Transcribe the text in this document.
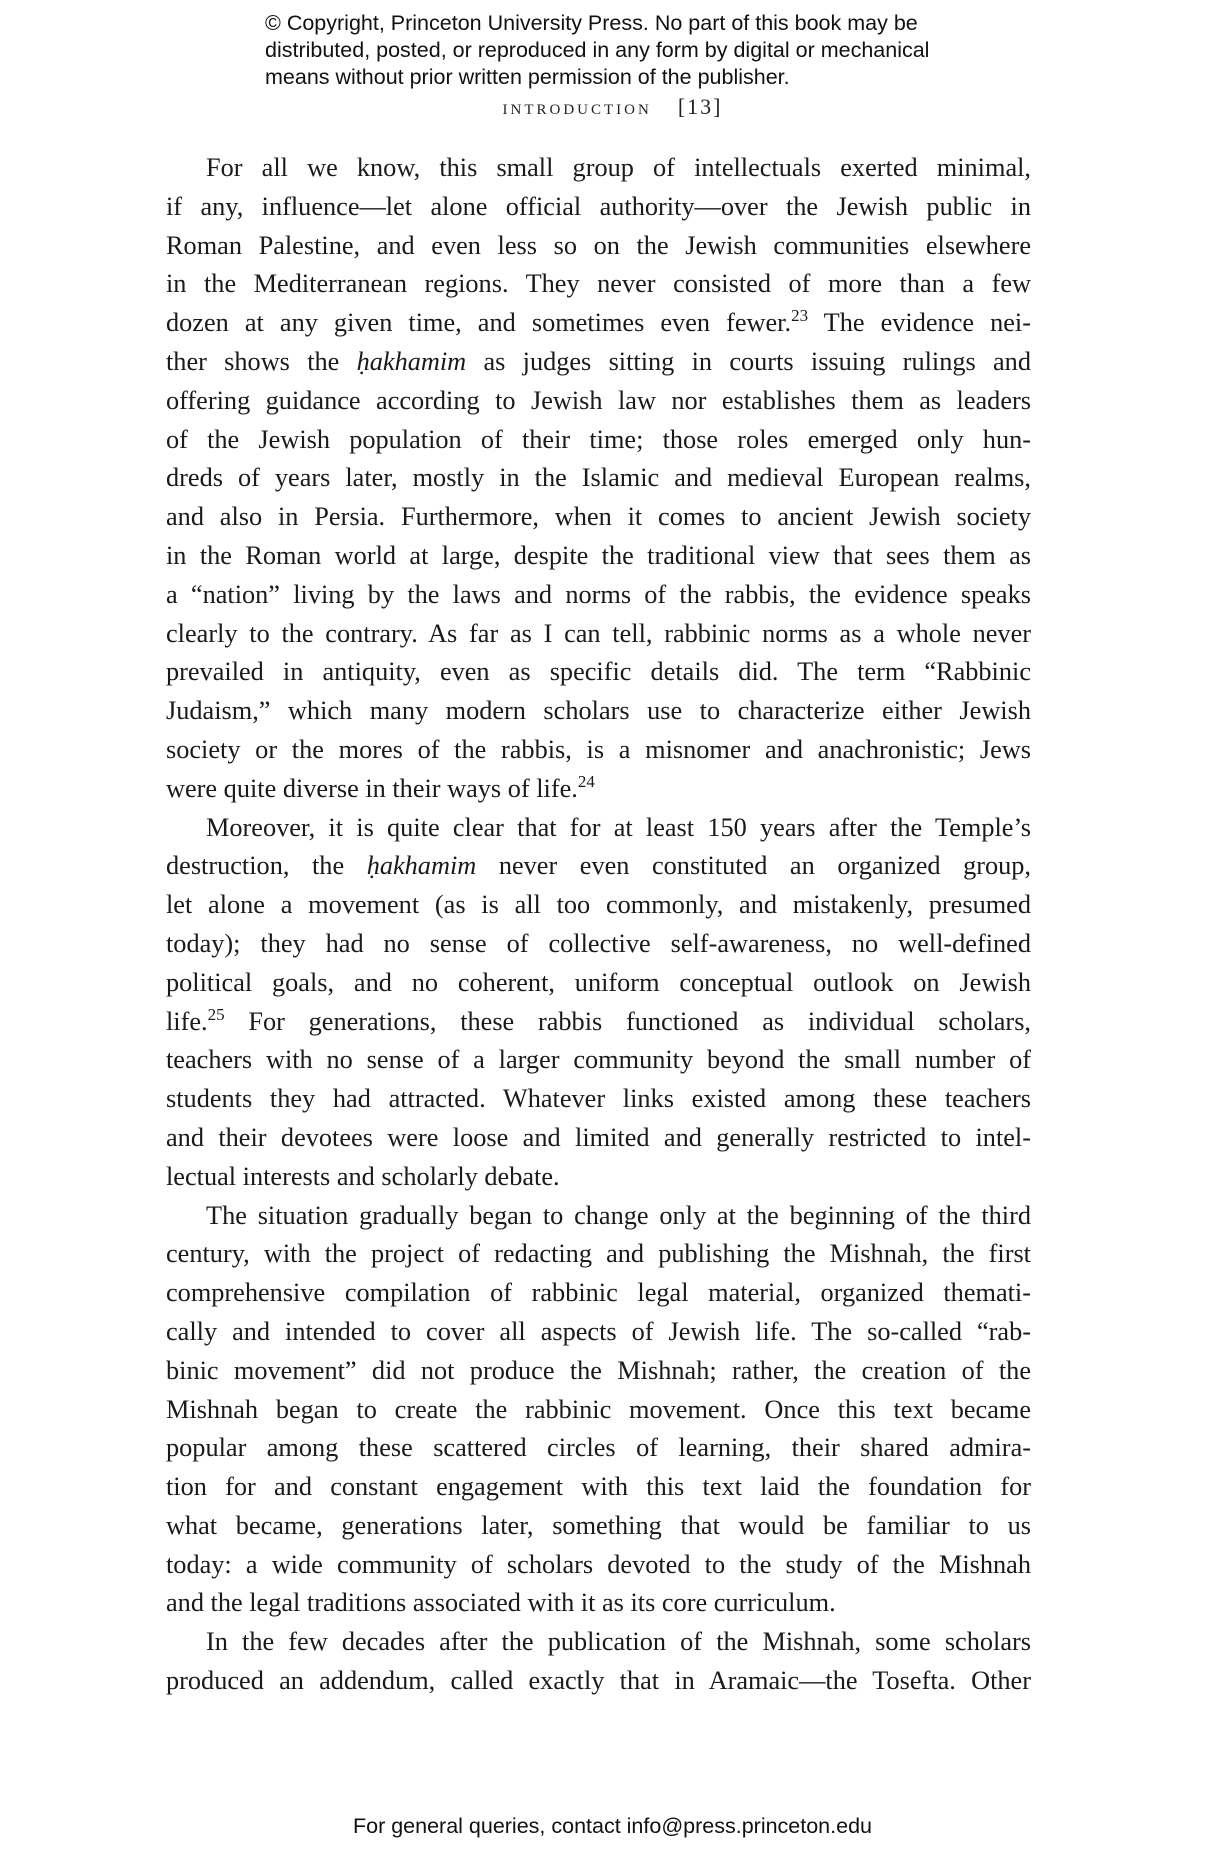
© Copyright, Princeton University Press. No part of this book may be
distributed, posted, or reproduced in any form by digital or mechanical
means without prior written permission of the publisher.
introduction [13]
For all we know, this small group of intellectuals exerted minimal,
if any, influence—let alone official authority—over the Jewish public in
Roman Palestine, and even less so on the Jewish communities elsewhere
in the Mediterranean regions. They never consisted of more than a few
dozen at any given time, and sometimes even fewer.$^{23}$ The evidence nei-
ther shows the ḥakhamim as judges sitting in courts issuing rulings and
offering guidance according to Jewish law nor establishes them as leaders
of the Jewish population of their time; those roles emerged only hun-
dreds of years later, mostly in the Islamic and medieval European realms,
and also in Persia. Furthermore, when it comes to ancient Jewish society
in the Roman world at large, despite the traditional view that sees them as
a “nation” living by the laws and norms of the rabbis, the evidence speaks
clearly to the contrary. As far as I can tell, rabbinic norms as a whole never
prevailed in antiquity, even as specific details did. The term “Rabbinic
Judaism,” which many modern scholars use to characterize either Jewish
society or the mores of the rabbis, is a misnomer and anachronistic; Jews
were quite diverse in their ways of life.$^{24}$
Moreover, it is quite clear that for at least 150 years after the Temple’s
destruction, the ḥakhamim never even constituted an organized group,
let alone a movement (as is all too commonly, and mistakenly, presumed
today); they had no sense of collective self-awareness, no well-defined
political goals, and no coherent, uniform conceptual outlook on Jewish
life.$^{25}$ For generations, these rabbis functioned as individual scholars,
teachers with no sense of a larger community beyond the small number of
students they had attracted. Whatever links existed among these teachers
and their devotees were loose and limited and generally restricted to intel-
lectual interests and scholarly debate.
The situation gradually began to change only at the beginning of the third
century, with the project of redacting and publishing the Mishnah, the first
comprehensive compilation of rabbinic legal material, organized themati-
cally and intended to cover all aspects of Jewish life. The so-called “rab-
binic movement” did not produce the Mishnah; rather, the creation of the
Mishnah began to create the rabbinic movement. Once this text became
popular among these scattered circles of learning, their shared admira-
tion for and constant engagement with this text laid the foundation for
what became, generations later, something that would be familiar to us
today: a wide community of scholars devoted to the study of the Mishnah
and the legal traditions associated with it as its core curriculum.
In the few decades after the publication of the Mishnah, some scholars
produced an addendum, called exactly that in Aramaic—the Tosefta. Other
For general queries, contact info@press.princeton.edu
